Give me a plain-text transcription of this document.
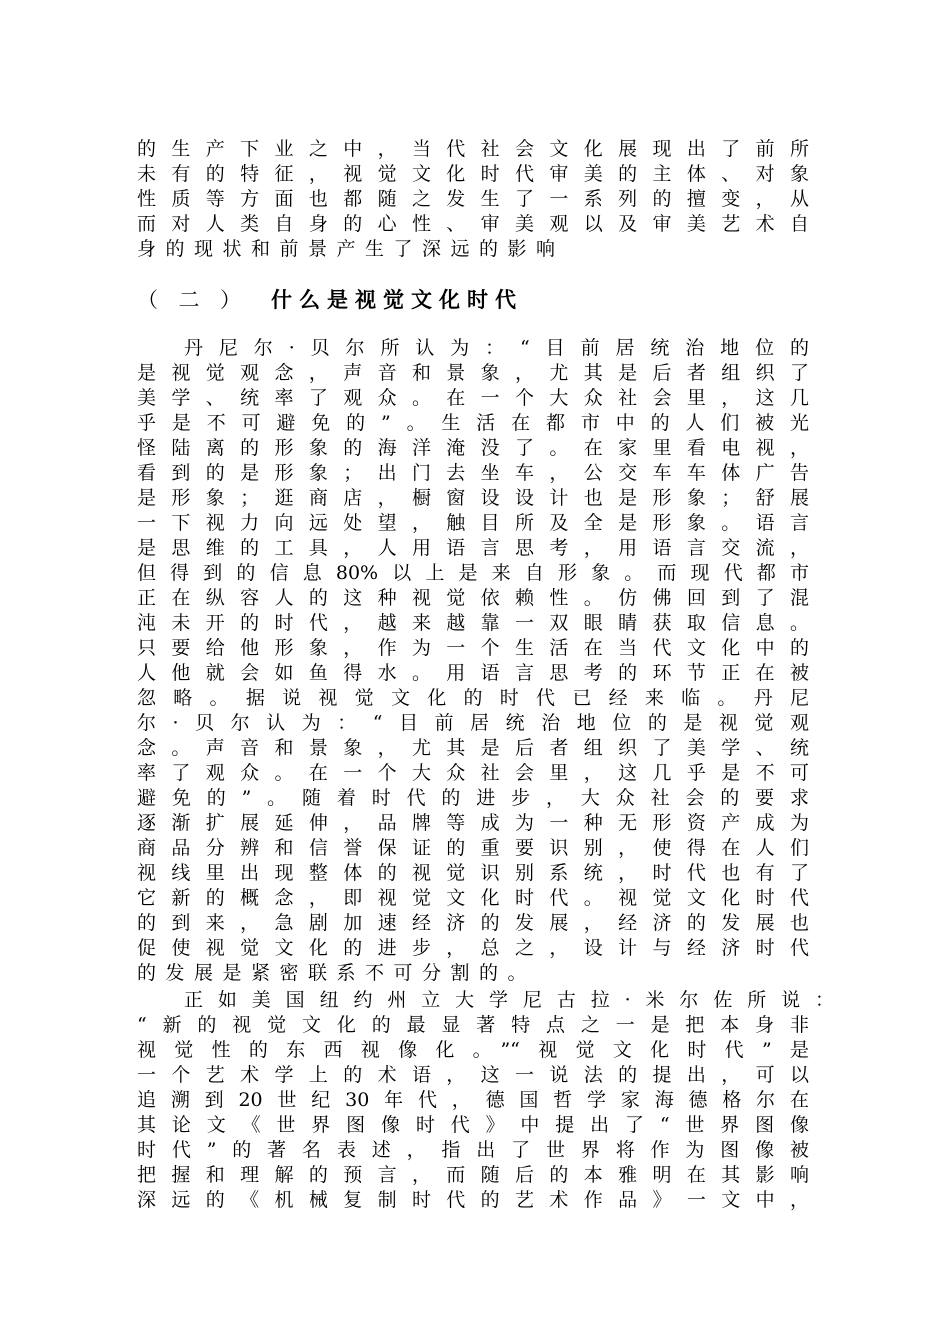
的生产下业之中，当代社会文化展现出了前所
未有的特征，视觉文化时代审美的主体、对象
性质等方面也都随之发生了一系列的擅变，从
而对人类自身的心性、审美观以及审美艺术自
身的现状和前景产生了深远的影响
（二） 什么是视觉文化时代
丹尼尔·贝尔所认为：“目前居统治地位的
是视觉观念，声音和景象，尤其是后者组织了
美学、统率了观众。在一个大众社会里，这几
乎是不可避免的”。生活在都市中的人们被光
怪陆离的形象的海洋淹没了。在家里看电视，
看到的是形象；出门去坐车，公交车车体广告
是形象；逛商店，橱窗设设计也是形象；舒展
一下视力向远处望，触目所及全是形象。语言
是思维的工具，人用语言思考，用语言交流，
但得到的信息80%以上是来自形象。而现代都市
正在纵容人的这种视觉依赖性。仿佛回到了混
沌未开的时代，越来越靠一双眼睛获取信息。
只要给他形象，作为一个生活在当代文化中的
人他就会如鱼得水。用语言思考的环节正在被
忽略。据说视觉文化的时代已经来临。丹尼
尔·贝尔认为：“目前居统治地位的是视觉观
念。声音和景象，尤其是后者组织了美学、统
率了观众。在一个大众社会里，这几乎是不可
避免的”。随着时代的进步，大众社会的要求
逐渐扩展延伸，品牌等成为一种无形资产成为
商品分辨和信誉保证的重要识别，使得在人们
视线里出现整体的视觉识别系统，时代也有了
它新的概念，即视觉文化时代。视觉文化时代
的到来，急剧加速经济的发展，经济的发展也
促使视觉文化的进步，总之，设计与经济时代
的发展是紧密联系不可分割的。
正如美国纽约州立大学尼古拉·米尔佐所说：
“新的视觉文化的最显著特点之一是把本身非
视觉性的东西视像化。”“视觉文化时代”是
一个艺术学上的术语，这一说法的提出，可以
追溯到20世纪30年代，德国哲学家海德格尔在
其论文《世界图像时代》中提出了“世界图像
时代”的著名表述，指出了世界将作为图像被
把握和理解的预言，而随后的本雅明在其影响
深远的《机械复制时代的艺术作品》一文中，
